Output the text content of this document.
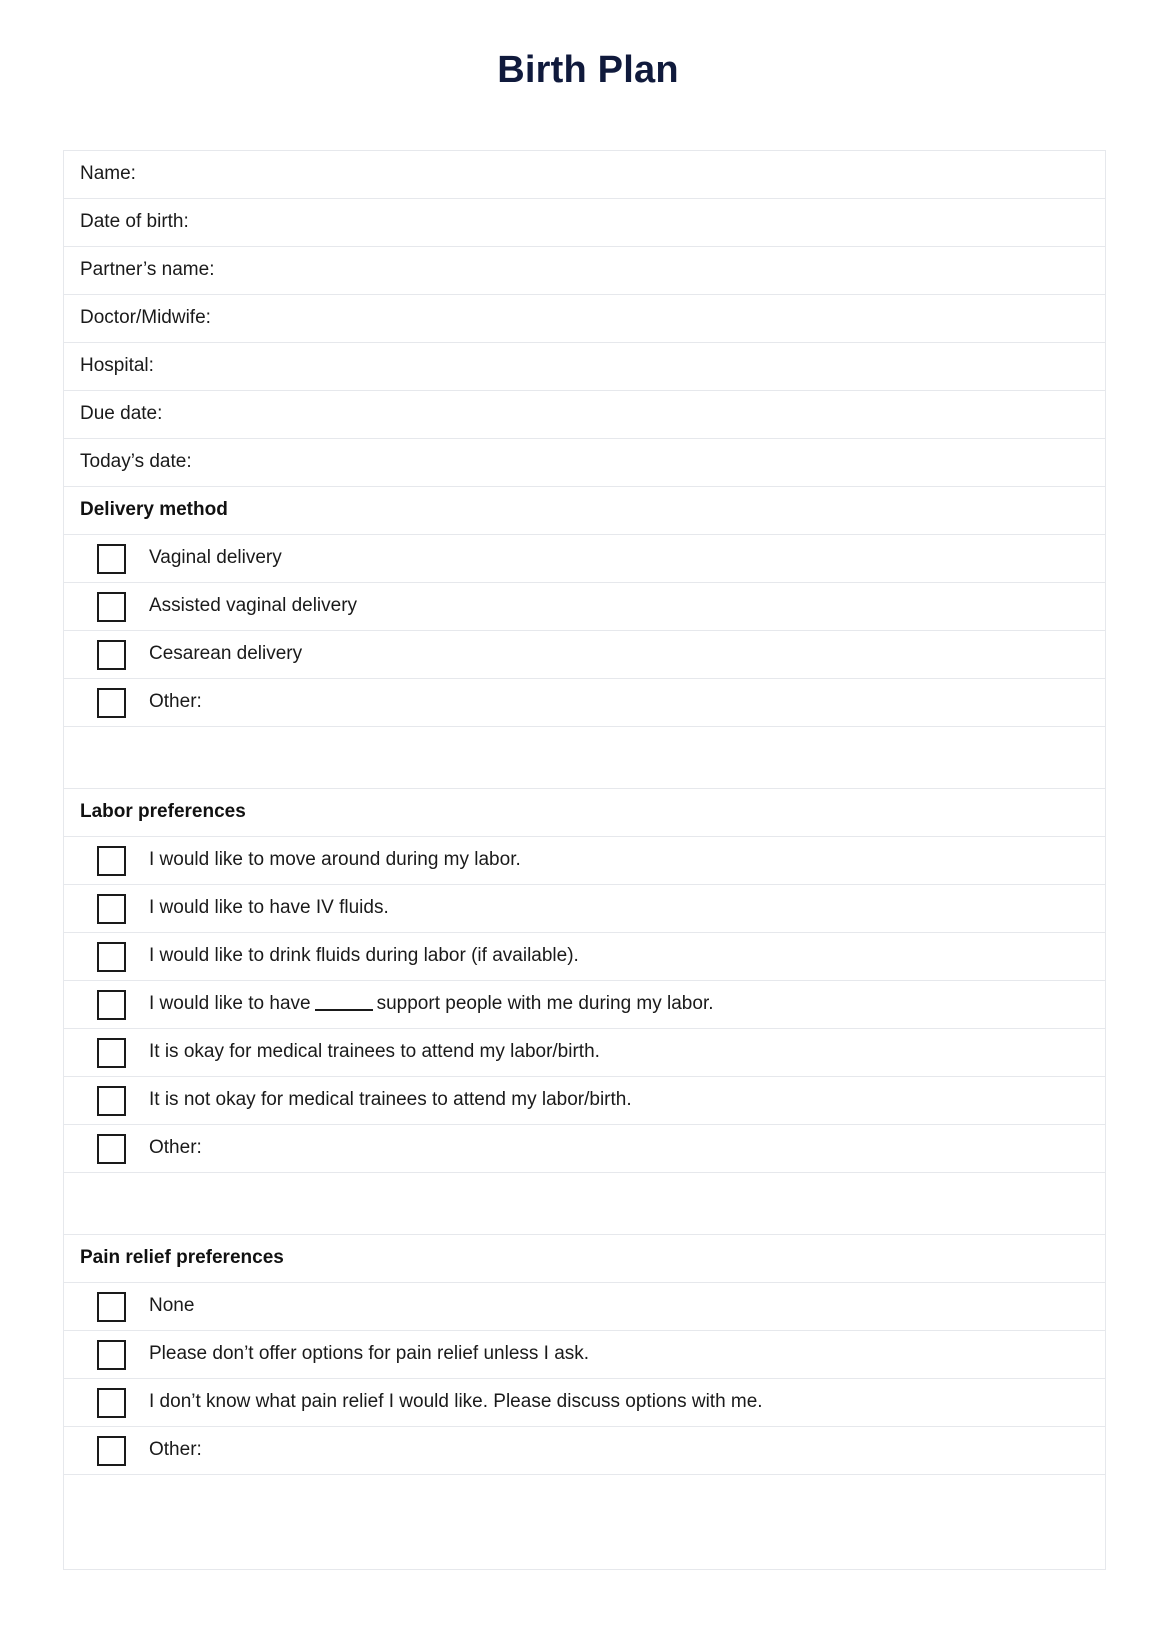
Birth Plan
Name:
Date of birth:
Partner’s name:
Doctor/Midwife:
Hospital:
Due date:
Today’s date:
Delivery method
Vaginal delivery
Assisted vaginal delivery
Cesarean delivery
Other:
Labor preferences
I would like to move around during my labor.
I would like to have IV fluids.
I would like to drink fluids during labor (if available).
I would like to have	support people with me during my labor.
It is okay for medical trainees to attend my labor/birth.
It is not okay for medical trainees to attend my labor/birth.
Other:
Pain relief preferences
None
Please don’t offer options for pain relief unless I ask.
I don’t know what pain relief I would like. Please discuss options with me.
Other:
